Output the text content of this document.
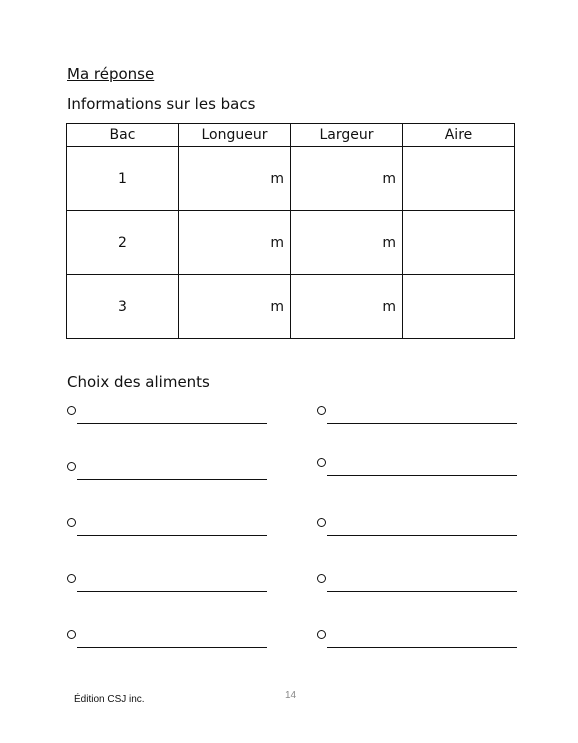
Ma réponse
Informations sur les bacs
Bac	Longueur	Largeur	Aire
1	m	m	
2	m	m	
3	m	m	
Choix des aliments
Édition CSJ inc.	14
